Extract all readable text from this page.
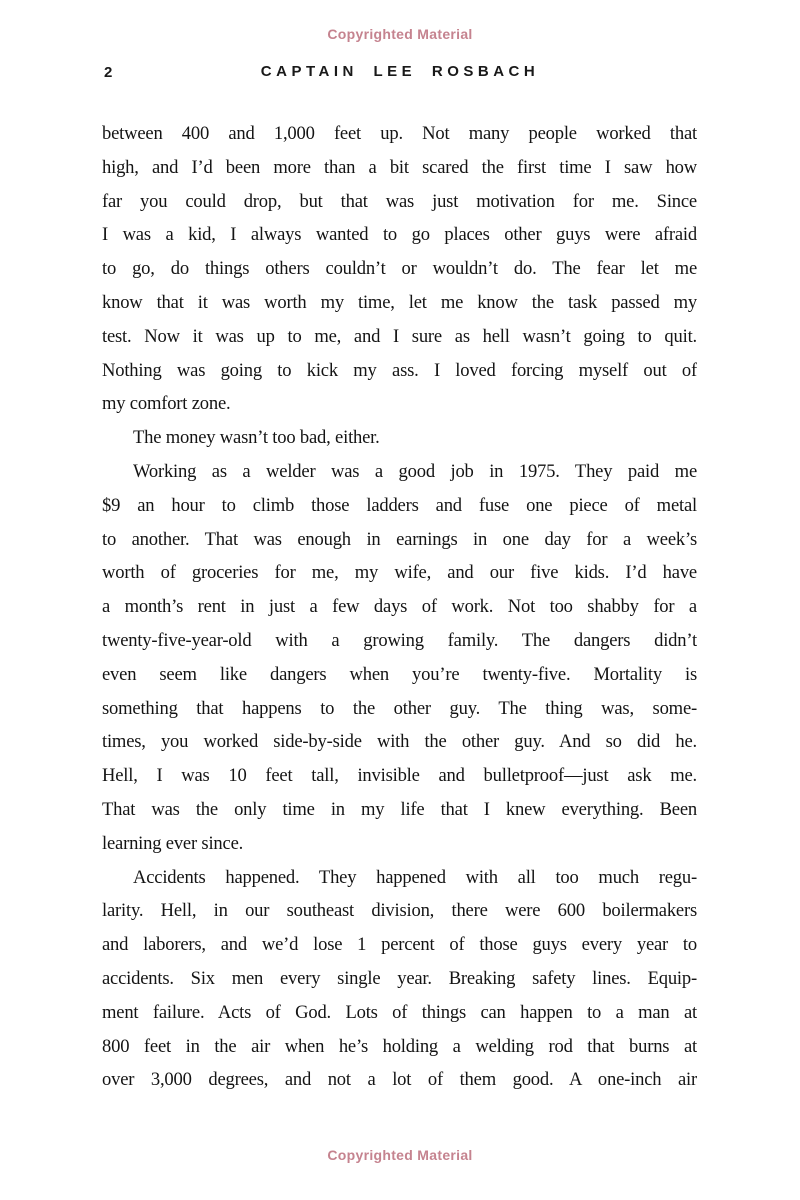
Copyrighted Material
2	CAPTAIN LEE ROSBACH
between 400 and 1,000 feet up. Not many people worked that
high, and I’d been more than a bit scared the first time I saw how
far you could drop, but that was just motivation for me. Since
I was a kid, I always wanted to go places other guys were afraid
to go, do things others couldn’t or wouldn’t do. The fear let me
know that it was worth my time, let me know the task passed my
test. Now it was up to me, and I sure as hell wasn’t going to quit.
Nothing was going to kick my ass. I loved forcing myself out of
my comfort zone.
The money wasn’t too bad, either.
Working as a welder was a good job in 1975. They paid me
$9 an hour to climb those ladders and fuse one piece of metal
to another. That was enough in earnings in one day for a week’s
worth of groceries for me, my wife, and our five kids. I’d have
a month’s rent in just a few days of work. Not too shabby for a
twenty-five-year-old with a growing family. The dangers didn’t
even seem like dangers when you’re twenty-five. Mortality is
something that happens to the other guy. The thing was, some-
times, you worked side-by-side with the other guy. And so did he.
Hell, I was 10 feet tall, invisible and bulletproof—just ask me.
That was the only time in my life that I knew everything. Been
learning ever since.
Accidents happened. They happened with all too much regu-
larity. Hell, in our southeast division, there were 600 boilermakers
and laborers, and we’d lose 1 percent of those guys every year to
accidents. Six men every single year. Breaking safety lines. Equip-
ment failure. Acts of God. Lots of things can happen to a man at
800 feet in the air when he’s holding a welding rod that burns at
over 3,000 degrees, and not a lot of them good. A one-inch air
Copyrighted Material
